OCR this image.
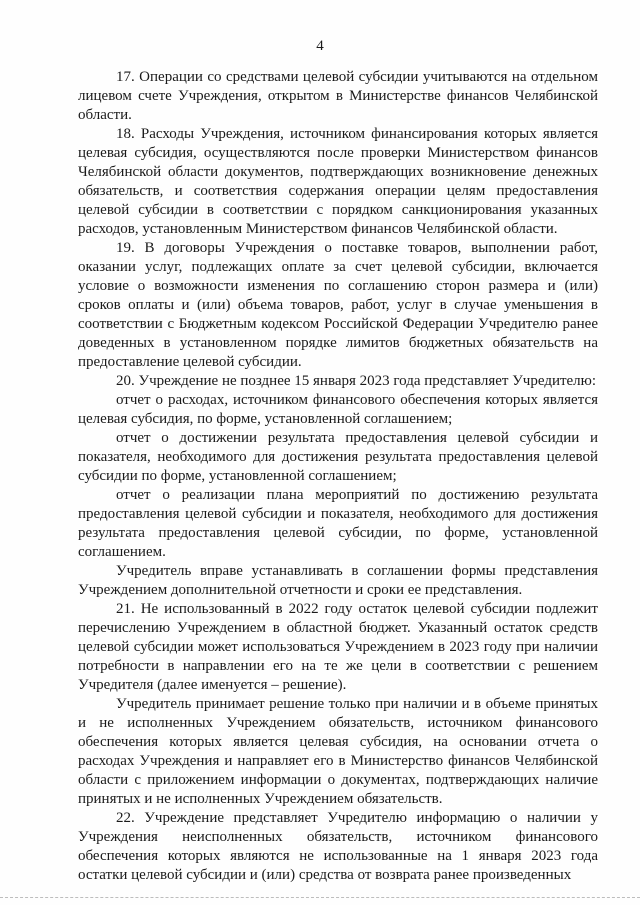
4

17. Операции со средствами целевой субсидии учитываются на отдельном лицевом счете Учреждения, открытом в Министерстве финансов Челябинской области.

18. Расходы Учреждения, источником финансирования которых является целевая субсидия, осуществляются после проверки Министерством финансов Челябинской области документов, подтверждающих возникновение денежных обязательств, и соответствия содержания операции целям предоставления целевой субсидии в соответствии с порядком санкционирования указанных расходов, установленным Министерством финансов Челябинской области.

19. В договоры Учреждения о поставке товаров, выполнении работ, оказании услуг, подлежащих оплате за счет целевой субсидии, включается условие о возможности изменения по соглашению сторон размера и (или) сроков оплаты и (или) объема товаров, работ, услуг в случае уменьшения в соответствии с Бюджетным кодексом Российской Федерации Учредителю ранее доведенных в установленном порядке лимитов бюджетных обязательств на предоставление целевой субсидии.

20. Учреждение не позднее 15 января 2023 года представляет Учредителю:

отчет о расходах, источником финансового обеспечения которых является целевая субсидия, по форме, установленной соглашением;

отчет о достижении результата предоставления целевой субсидии и показателя, необходимого для достижения результата предоставления целевой субсидии по форме, установленной соглашением;

отчет о реализации плана мероприятий по достижению результата предоставления целевой субсидии и показателя, необходимого для достижения результата предоставления целевой субсидии, по форме, установленной соглашением.

Учредитель вправе устанавливать в соглашении формы представления Учреждением дополнительной отчетности и сроки ее представления.

21. Не использованный в 2022 году остаток целевой субсидии подлежит перечислению Учреждением в областной бюджет. Указанный остаток средств целевой субсидии может использоваться Учреждением в 2023 году при наличии потребности в направлении его на те же цели в соответствии с решением Учредителя (далее именуется – решение).

Учредитель принимает решение только при наличии и в объеме принятых и не исполненных Учреждением обязательств, источником финансового обеспечения которых является целевая субсидия, на основании отчета о расходах Учреждения и направляет его в Министерство финансов Челябинской области с приложением информации о документах, подтверждающих наличие принятых и не исполненных Учреждением обязательств.

22. Учреждение представляет Учредителю информацию о наличии у Учреждения неисполненных обязательств, источником финансового обеспечения которых являются не использованные на 1 января 2023 года остатки целевой субсидии и (или) средства от возврата ранее произведенных
